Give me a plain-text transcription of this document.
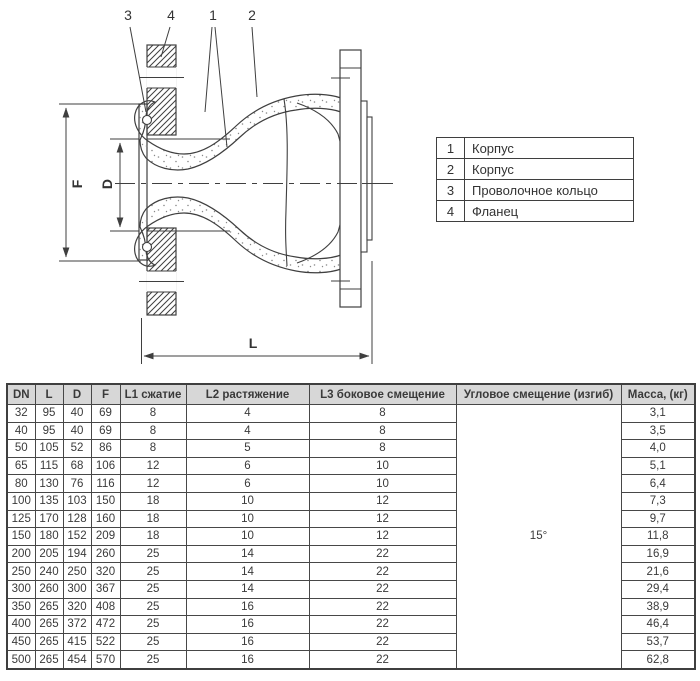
F D
L
3	4 1 2
1	Корпус
2	Корпус
3	Проволочное кольцо
4	Фланец
DN	L	D	F	L1 сжатие	L2 растяжение	L3 боковое смещение	Угловое смещение (изгиб)	Масса, (кг)
32	95	40	69	8	4	8	15°	3,1
40	95	40	69	8	4	8		3,5
50	105	52	86	8	5	8		4,0
65	115	68	106	12	6	10		5,1
80	130	76	116	12	6	10		6,4
100	135	103	150	18	10	12		7,3
125	170	128	160	18	10	12		9,7
150	180	152	209	18	10	12		11,8
200	205	194	260	25	14	22		16,9
250	240	250	320	25	14	22		21,6
300	260	300	367	25	14	22		29,4
350	265	320	408	25	16	22		38,9
400	265	372	472	25	16	22		46,4
450	265	415	522	25	16	22		53,7
500	265	454	570	25	16	22		62,8
